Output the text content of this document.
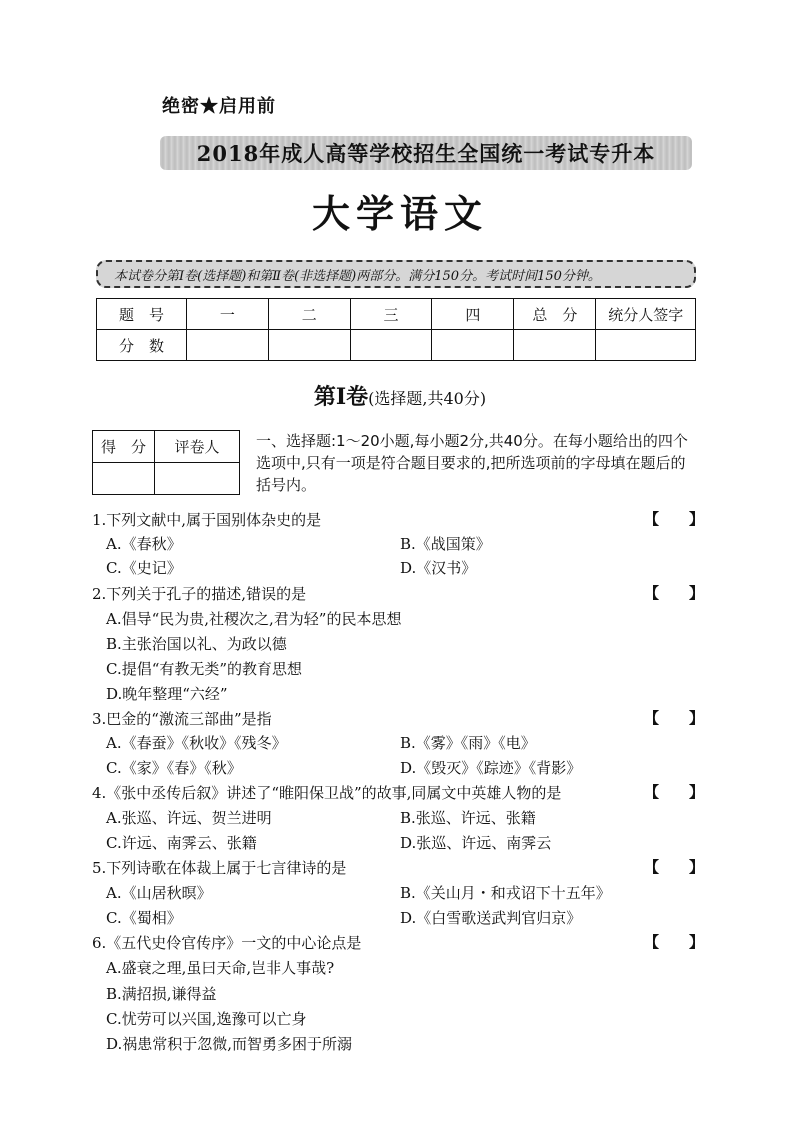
绝密★启用前
2018年成人高等学校招生全国统一考试专升本
大学语文
本试卷分第Ⅰ卷(选择题)和第Ⅱ卷(非选择题)两部分。满分150分。考试时间150分钟。
题　号	一	二	三	四	总　分	统分人签字
分　数						
第Ⅰ卷(选择题,共40分)
得　分	评卷人
	一、选择题:1～20小题,每小题2分,共40分。在每小题给出的四个选项中,只有一项是符合题目要求的,把所选项前的字母填在题后的括号内。
1.下列文献中,属于国别体杂史的是	【　　】
A.《春秋》	B.《战国策》
C.《史记》	D.《汉书》
2.下列关于孔子的描述,错误的是	【　　】
A.倡导“民为贵,社稷次之,君为轻”的民本思想
B.主张治国以礼、为政以德
C.提倡“有教无类”的教育思想
D.晚年整理“六经”
3.巴金的“激流三部曲”是指	【　　】
A.《春蚕》《秋收》《残冬》	B.《雾》《雨》《电》
C.《家》《春》《秋》	D.《毁灭》《踪迹》《背影》
4.《张中丞传后叙》讲述了“睢阳保卫战”的故事,同属文中英雄人物的是	【　　】
A.张巡、许远、贺兰进明	B.张巡、许远、张籍
C.许远、南霁云、张籍	D.张巡、许远、南霁云
5.下列诗歌在体裁上属于七言律诗的是	【　　】
A.《山居秋暝》	B.《关山月・和戎诏下十五年》
C.《蜀相》	D.《白雪歌送武判官归京》
6.《五代史伶官传序》一文的中心论点是	【　　】
A.盛衰之理,虽曰天命,岂非人事哉?
B.满招损,谦得益
C.忧劳可以兴国,逸豫可以亡身
D.祸患常积于忽微,而智勇多困于所溺
